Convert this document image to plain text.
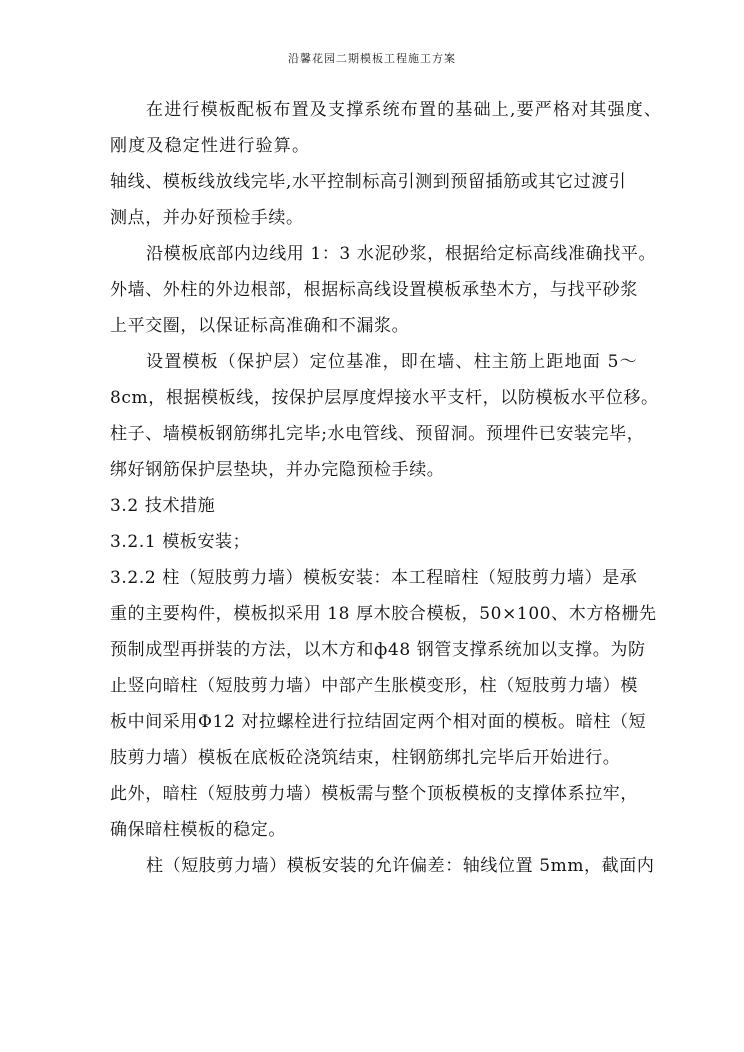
沿馨花园二期模板工程施工方案
在进行模板配板布置及支撑系统布置的基础上,要严格对其强度、
刚度及稳定性进行验算。
轴线、模板线放线完毕,水平控制标高引测到预留插筋或其它过渡引
测点，并办好预检手续。
沿模板底部内边线用 1：3 水泥砂浆，根据给定标高线准确找平。
外墙、外柱的外边根部，根据标高线设置模板承垫木方，与找平砂浆
上平交圈，以保证标高准确和不漏浆。
设置模板（保护层）定位基准，即在墙、柱主筋上距地面 5～
8cm，根据模板线，按保护层厚度焊接水平支杆，以防模板水平位移。
柱子、墙模板钢筋绑扎完毕;水电管线、预留洞。预埋件已安装完毕，
绑好钢筋保护层垫块，并办完隐预检手续。
3.2 技术措施
3.2.1 模板安装；
3.2.2 柱（短肢剪力墙）模板安装：本工程暗柱（短肢剪力墙）是承
重的主要构件，模板拟采用 18 厚木胶合模板，50×100、木方格栅先
预制成型再拼装的方法，以木方和ф48 钢管支撑系统加以支撑。为防
止竖向暗柱（短肢剪力墙）中部产生胀模变形，柱（短肢剪力墙）模
板中间采用Φ12 对拉螺栓进行拉结固定两个相对面的模板。暗柱（短
肢剪力墙）模板在底板砼浇筑结束，柱钢筋绑扎完毕后开始进行。
此外，暗柱（短肢剪力墙）模板需与整个顶板模板的支撑体系拉牢，
确保暗柱模板的稳定。
柱（短肢剪力墙）模板安装的允许偏差：轴线位置 5mm，截面内
